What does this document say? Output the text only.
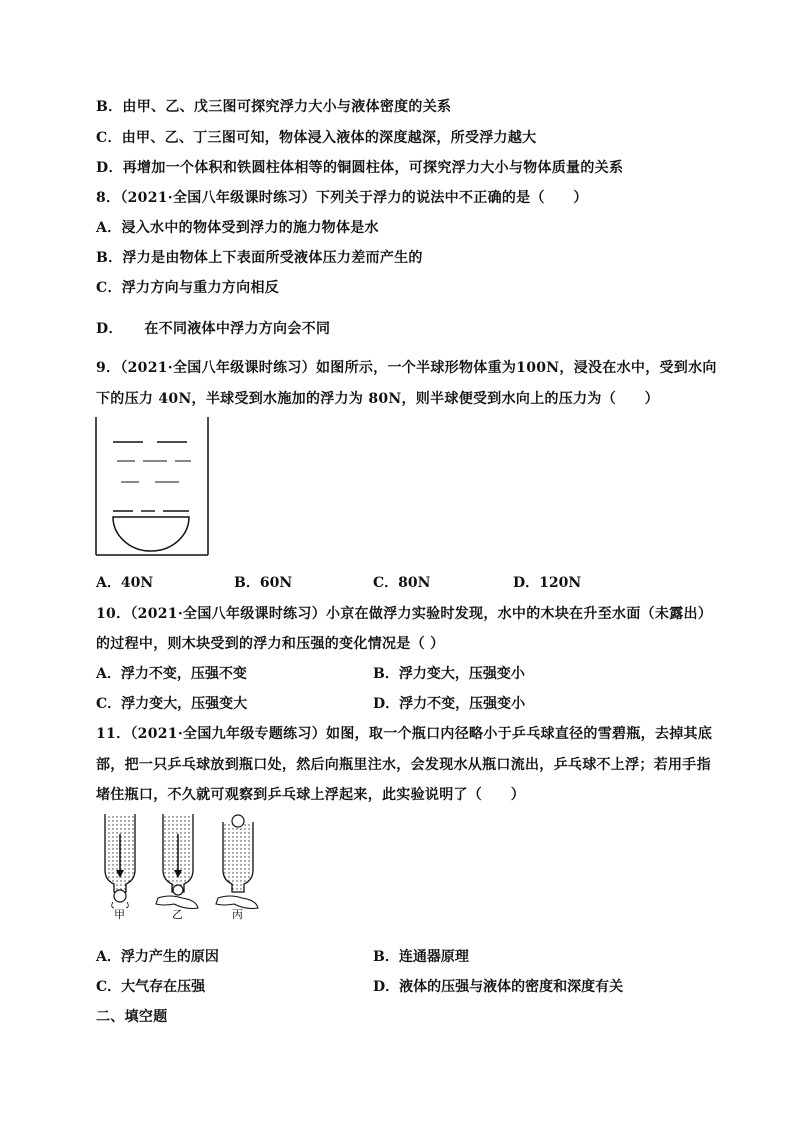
B．由甲、乙、戊三图可探究浮力大小与液体密度的关系
C．由甲、乙、丁三图可知，物体浸入液体的深度越深，所受浮力越大
D．再增加一个体积和铁圆柱体相等的铜圆柱体，可探究浮力大小与物体质量的关系
8．（2021·全国八年级课时练习）下列关于浮力的说法中不正确的是（　　）
A．浸入水中的物体受到浮力的施力物体是水
B．浮力是由物体上下表面所受液体压力差而产生的
C．浮力方向与重力方向相反
D．　　在不同液体中浮力方向会不同
9．（2021·全国八年级课时练习）如图所示，一个半球形物体重为100N，浸没在水中，受到水向
下的压力 40N，半球受到水施加的浮力为 80N，则半球便受到水向上的压力为（　　）
A．40N	B．60N	C．80N	D．120N
10．（2021·全国八年级课时练习）小京在做浮力实验时发现，水中的木块在升至水面（未露出）
的过程中，则木块受到的浮力和压强的变化情况是（ ）
A．浮力不变，压强不变	B．浮力变大，压强变小
C．浮力变大，压强变大	D．浮力不变，压强变小
11．（2021·全国九年级专题练习）如图，取一个瓶口内径略小于乒乓球直径的雪碧瓶，去掉其底
部，把一只乒乓球放到瓶口处，然后向瓶里注水，会发现水从瓶口流出，乒乓球不上浮；若用手指
堵住瓶口，不久就可观察到乒乓球上浮起来，此实验说明了（　　）
甲	乙	丙
A．浮力产生的原因	B．连通器原理
C．大气存在压强	D．液体的压强与液体的密度和深度有关
二、填空题
